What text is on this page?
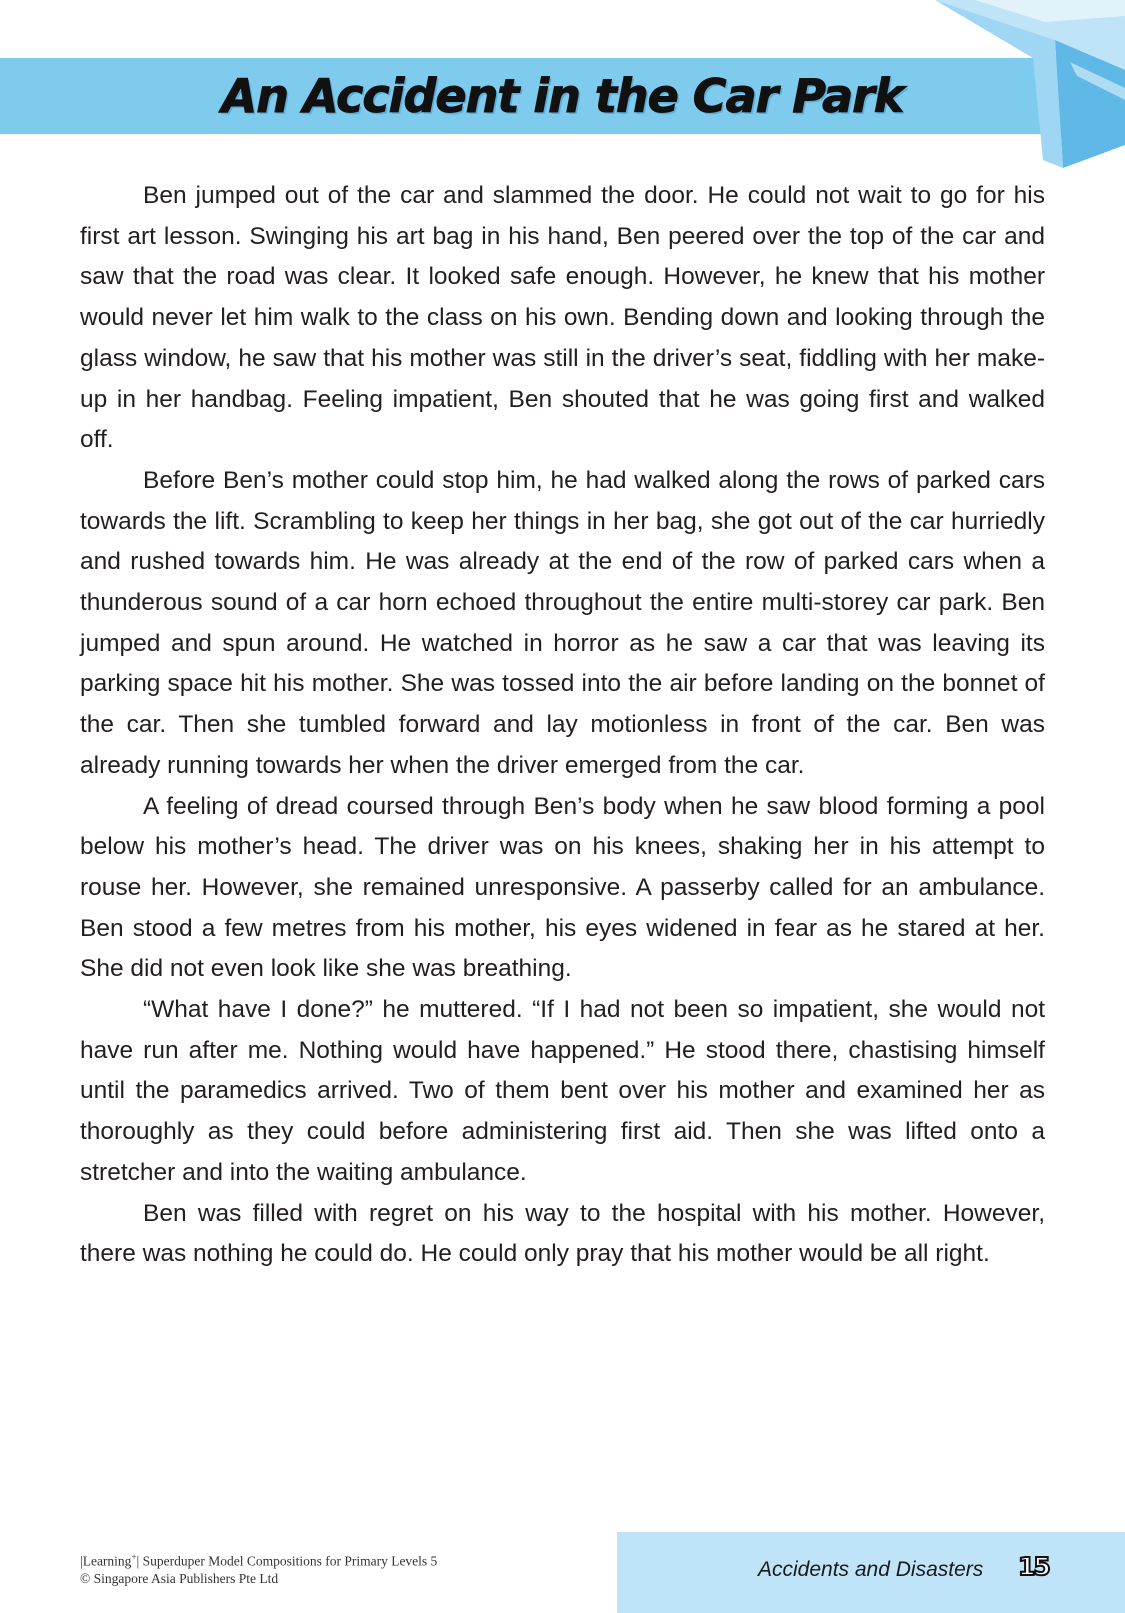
An Accident in the Car Park

Ben jumped out of the car and slammed the door. He could not wait to go for his first art lesson. Swinging his art bag in his hand, Ben peered over the top of the car and saw that the road was clear. It looked safe enough. However, he knew that his mother would never let him walk to the class on his own. Bending down and looking through the glass window, he saw that his mother was still in the driver’s seat, fiddling with her make-up in her handbag. Feeling impatient, Ben shouted that he was going first and walked off.

Before Ben’s mother could stop him, he had walked along the rows of parked cars towards the lift. Scrambling to keep her things in her bag, she got out of the car hurriedly and rushed towards him. He was already at the end of the row of parked cars when a thunderous sound of a car horn echoed throughout the entire multi-storey car park. Ben jumped and spun around. He watched in horror as he saw a car that was leaving its parking space hit his mother. She was tossed into the air before landing on the bonnet of the car. Then she tumbled forward and lay motionless in front of the car. Ben was already running towards her when the driver emerged from the car.

A feeling of dread coursed through Ben’s body when he saw blood forming a pool below his mother’s head. The driver was on his knees, shaking her in his attempt to rouse her. However, she remained unresponsive. A passerby called for an ambulance. Ben stood a few metres from his mother, his eyes widened in fear as he stared at her. She did not even look like she was breathing.

“What have I done?” he muttered. “If I had not been so impatient, she would not have run after me. Nothing would have happened.” He stood there, chastising himself until the paramedics arrived. Two of them bent over his mother and examined her as thoroughly as they could before administering first aid. Then she was lifted onto a stretcher and into the waiting ambulance.

Ben was filled with regret on his way to the hospital with his mother. However, there was nothing he could do. He could only pray that his mother would be all right.

|Learning+| Superduper Model Compositions for Primary Levels 5
© Singapore Asia Publishers Pte Ltd	Accidents and Disasters 15
